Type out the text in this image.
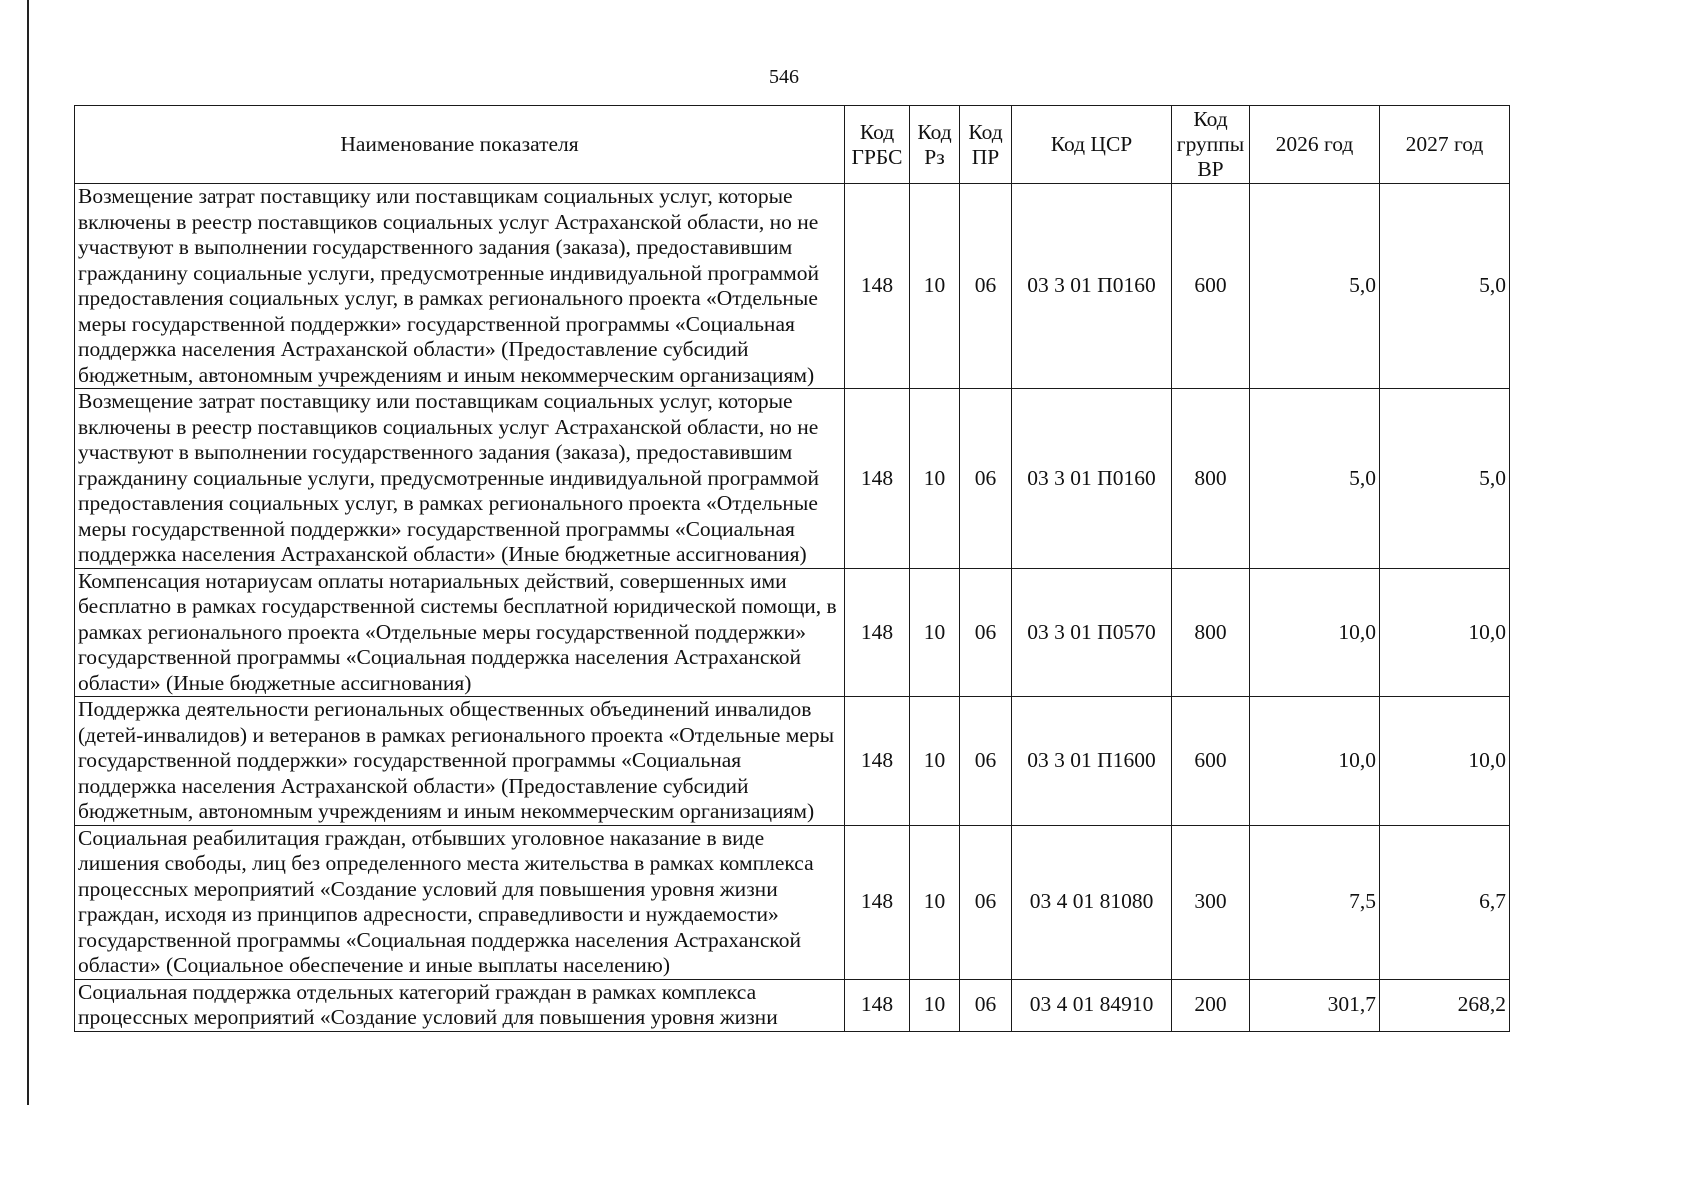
546
Наименование показателя	Код ГРБС	Код Рз	Код ПР	Код ЦСР	Код группы ВР	2026 год	2027 год
Возмещение затрат поставщику или поставщикам социальных услуг, которые включены в реестр поставщиков социальных услуг Астраханской области, но не участвуют в выполнении государственного задания (заказа), предоставившим гражданину социальные услуги, предусмотренные индивидуальной программой предоставления социальных услуг, в рамках регионального проекта «Отдельные меры государственной поддержки» государственной программы «Социальная поддержка населения Астраханской области» (Предоставление субсидий бюджетным, автономным учреждениям и иным некоммерческим организациям)	148	10	06	03 3 01 П0160	600	5,0	5,0
Возмещение затрат поставщику или поставщикам социальных услуг, которые включены в реестр поставщиков социальных услуг Астраханской области, но не участвуют в выполнении государственного задания (заказа), предоставившим гражданину социальные услуги, предусмотренные индивидуальной программой предоставления социальных услуг, в рамках регионального проекта «Отдельные меры государственной поддержки» государственной программы «Социальная поддержка населения Астраханской области» (Иные бюджетные ассигнования)	148	10	06	03 3 01 П0160	800	5,0	5,0
Компенсация нотариусам оплаты нотариальных действий, совершенных ими бесплатно в рамках государственной системы бесплатной юридической помощи, в рамках регионального проекта «Отдельные меры государственной поддержки» государственной программы «Социальная поддержка населения Астраханской области» (Иные бюджетные ассигнования)	148	10	06	03 3 01 П0570	800	10,0	10,0
Поддержка деятельности региональных общественных объединений инвалидов (детей-инвалидов) и ветеранов в рамках регионального проекта «Отдельные меры государственной поддержки» государственной программы «Социальная поддержка населения Астраханской области» (Предоставление субсидий бюджетным, автономным учреждениям и иным некоммерческим организациям)	148	10	06	03 3 01 П1600	600	10,0	10,0
Социальная реабилитация граждан, отбывших уголовное наказание в виде лишения свободы, лиц без определенного места жительства в рамках комплекса процессных мероприятий «Создание условий для повышения уровня жизни граждан, исходя из принципов адресности, справедливости и нуждаемости» государственной программы «Социальная поддержка населения Астраханской области» (Социальное обеспечение и иные выплаты населению)	148	10	06	03 4 01 81080	300	7,5	6,7
Социальная поддержка отдельных категорий граждан в рамках комплекса процессных мероприятий «Создание условий для повышения уровня жизни	148	10	06	03 4 01 84910	200	301,7	268,2
